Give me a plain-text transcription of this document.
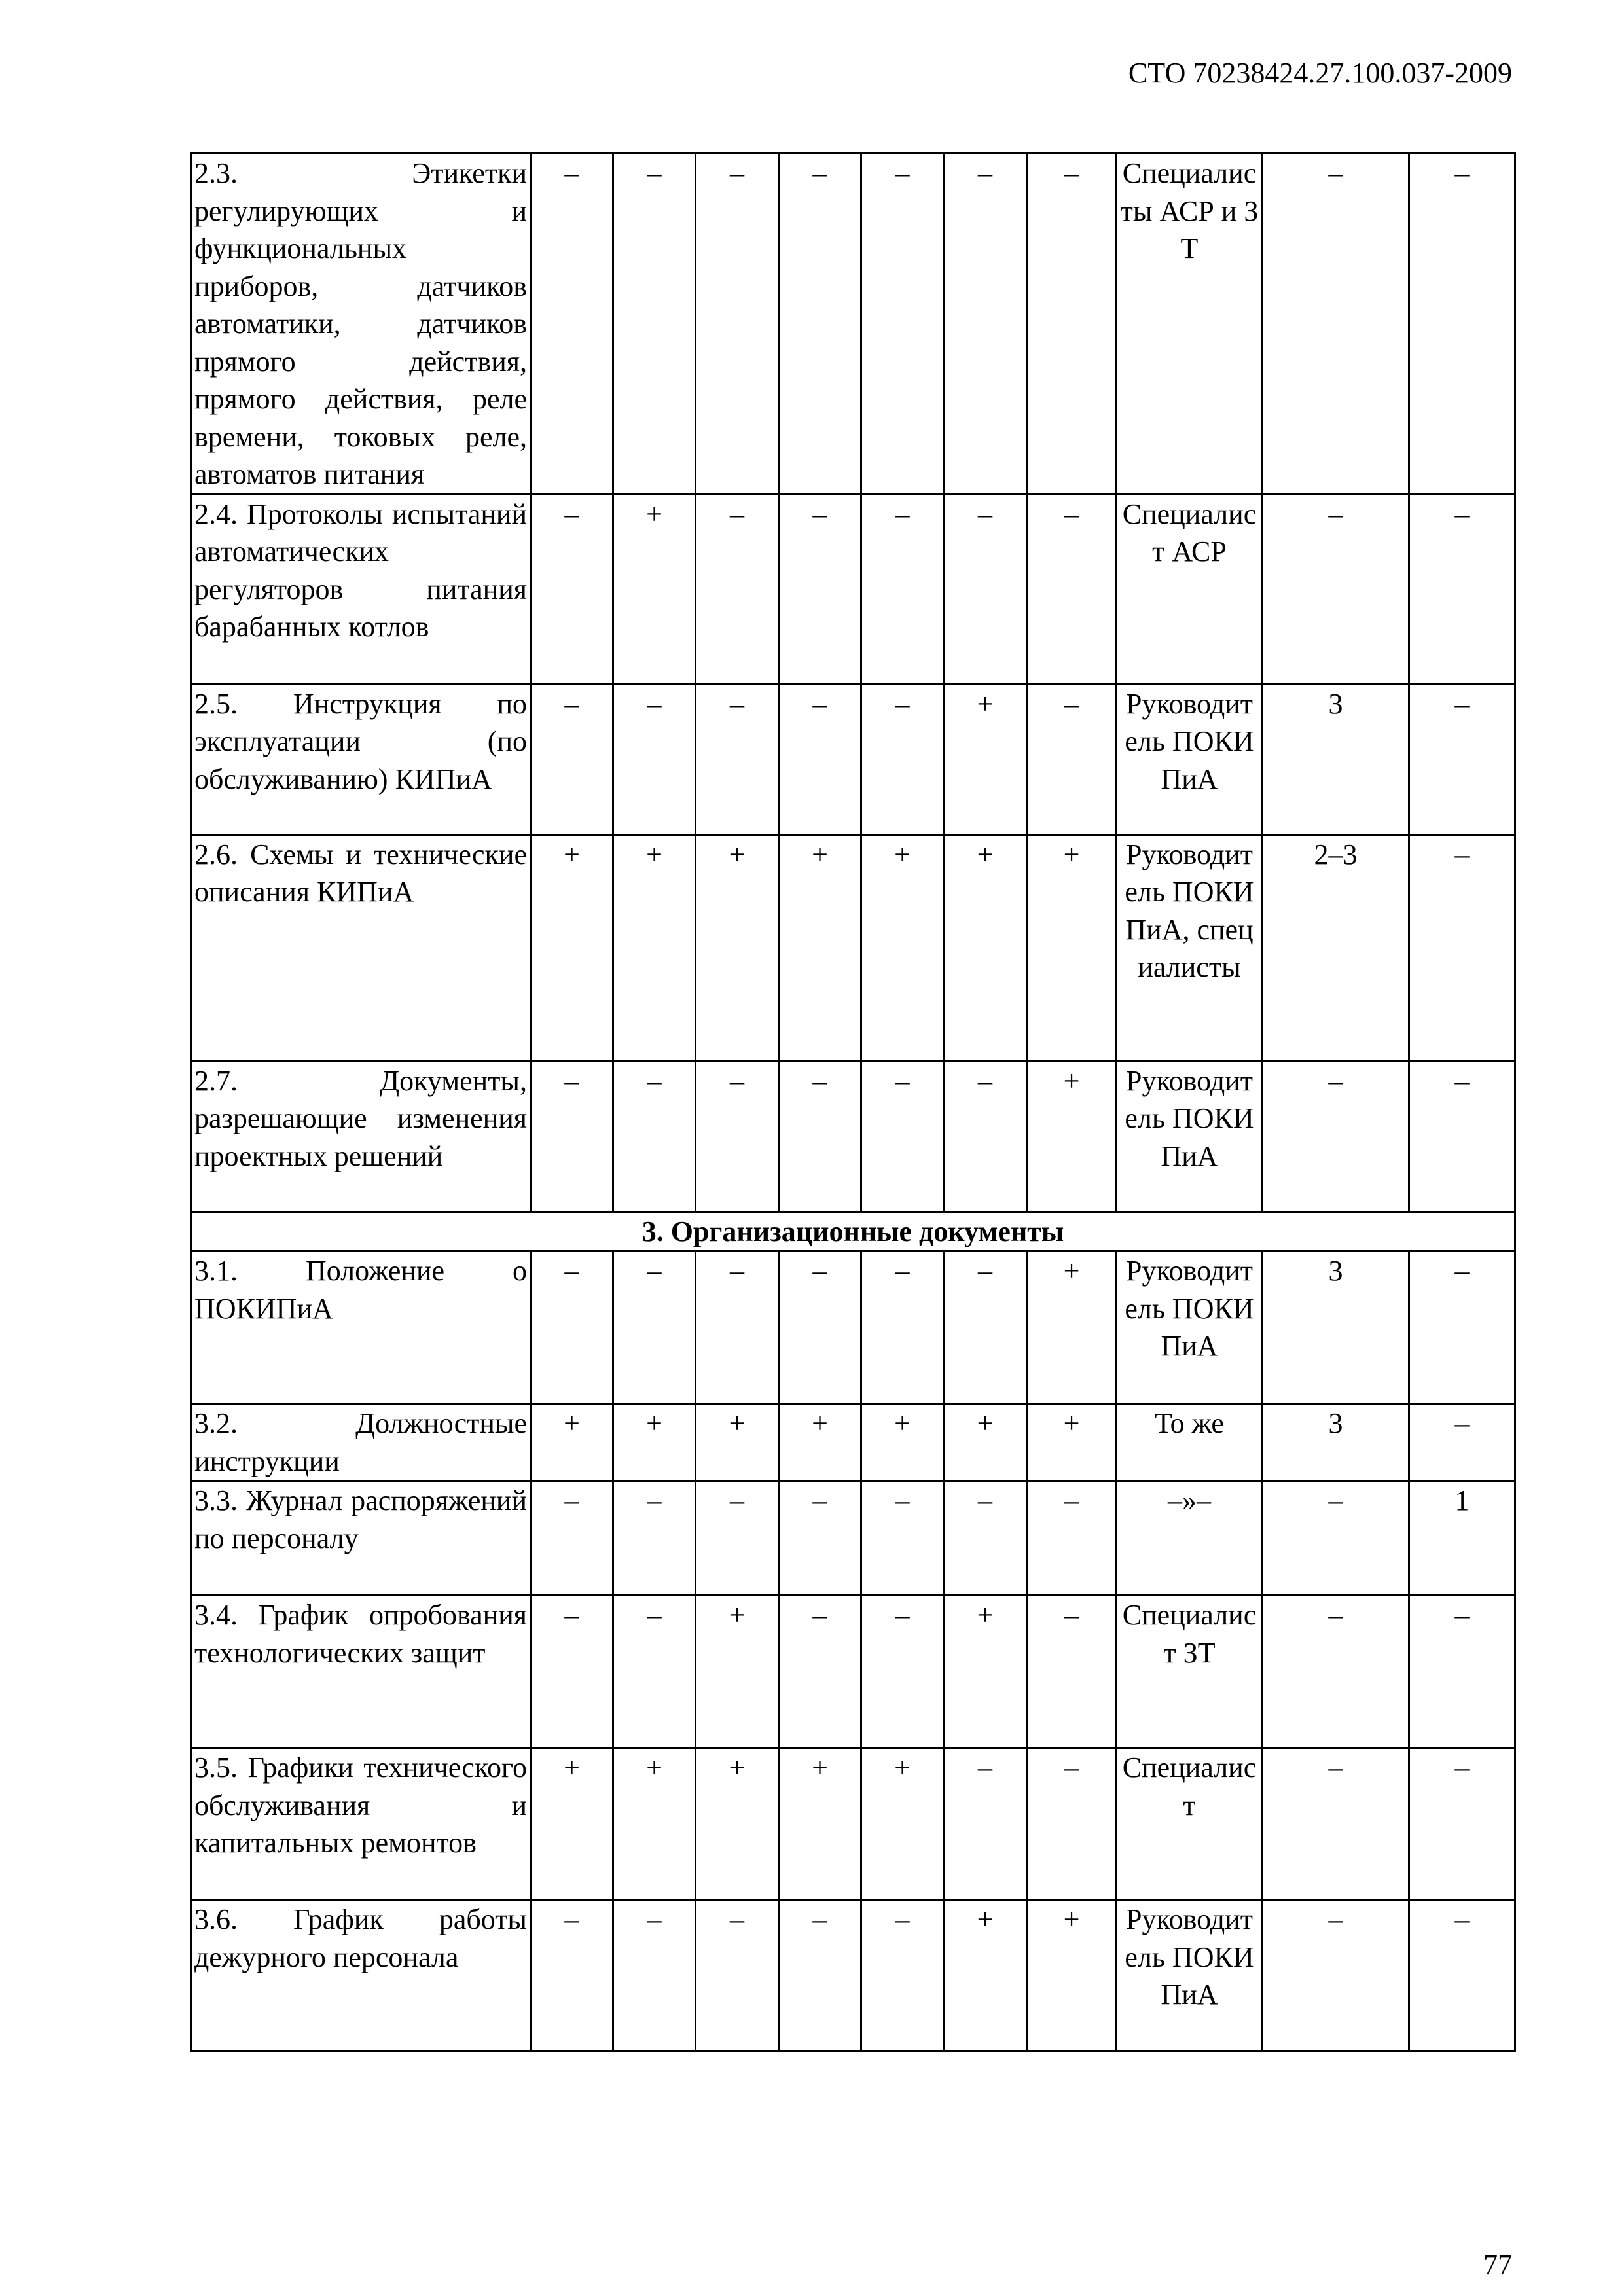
СТО 70238424.27.100.037-2009
2.3. Этикетки регулирующих и функциональных приборов, датчиков автоматики, датчиков прямого действия, прямого действия, реле времени, токовых реле, автоматов питания	–	–	–	–	–	–	–	Специалисты АСР и ЗТ	–	–

2.4. Протоколы испытаний автоматических регуляторов питания барабанных котлов	–	+	–	–	–	–	–	Специалист АСР	–	–

2.5. Инструкция по эксплуатации (по обслуживанию) КИПиА	–	–	–	–	–	+	–	Руководитель ПОКИПиА	3	–

2.6. Схемы и технические описания КИПиА	+	+	+	+	+	+	+	Руководитель ПОКИПиА, специалисты	2–3	–

2.7. Документы, разрешающие изменения проектных решений	–	–	–	–	–	–	+	Руководитель ПОКИПиА	–	–
3. Организационные документы										

3.1. Положение о ПОКИПиА	–	–	–	–	–	–	+	Руководитель ПОКИПиА	3	–

3.2. Должностные инструкции	+	+	+	+	+	+	+	То же	3	–

3.3. Журнал распоряжений по персоналу	–	–	–	–	–	–	–	–»–	–	1

3.4. График опробования технологических защит	–	–	+	–	–	+	–	Специалист ЗТ	–	–

3.5. Графики технического обслуживания и капитальных ремонтов	+	+	+	+	+	–	–	Специалист	–	–

3.6. График работы дежурного персонала	–	–	–	–	–	+	+	Руководитель ПОКИПиА	–	–
77
